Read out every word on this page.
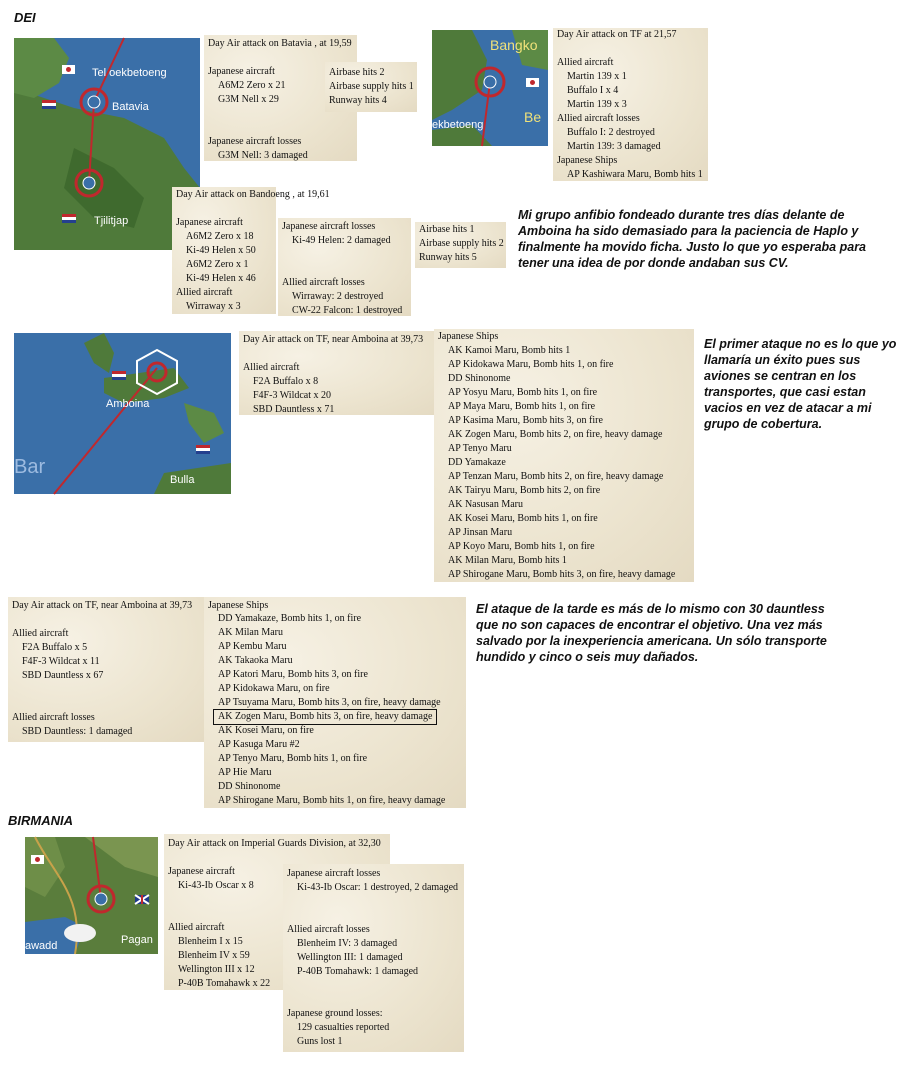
DEI
Tel oekbetoeng
Batavia
Tjilitjap
Day Air attack on Batavia , at 19,59
Japanese aircraft
A6M2 Zero x 21
G3M Nell x 29
Japanese aircraft losses
G3M Nell: 3 damaged
Airbase hits 2
Airbase supply hits 1
Runway hits 4
Bangko
ekbetoeng	Be
Day Air attack on TF at 21,57
Allied aircraft
Martin 139 x 1
Buffalo I x 4
Martin 139 x 3
Allied aircraft losses
Buffalo I: 2 destroyed
Martin 139: 3 damaged
Japanese Ships
AP Kashiwara Maru, Bomb hits 1
Day Air attack on Bandoeng , at 19,61
Japanese aircraft
A6M2 Zero x 18
Ki-49 Helen x 50
A6M2 Zero x 1
Ki-49 Helen x 46
Allied aircraft
Wirraway x 3
Japanese aircraft losses
Ki-49 Helen: 2 damaged
Allied aircraft losses
Wirraway: 2 destroyed
CW-22 Falcon: 1 destroyed
Airbase hits 1
Airbase supply hits 2
Runway hits 5
Mi grupo anfibio fondeado durante tres días delante de Amboina ha sido demasiado para la paciencia de Haplo y finalmente ha movido ficha. Justo lo que yo esperaba para tener una idea de por donde andaban sus CV.
Amboina
Bulla
Bar
Day Air attack on TF, near Amboina at 39,73
Allied aircraft
F2A Buffalo x 8
F4F-3 Wildcat x 20
SBD Dauntless x 71
Japanese Ships
AK Kamoi Maru, Bomb hits 1
AP Kidokawa Maru, Bomb hits 1, on fire
DD Shinonome
AP Yosyu Maru, Bomb hits 1, on fire
AP Maya Maru, Bomb hits 1, on fire
AP Kasima Maru, Bomb hits 3, on fire
AK Zogen Maru, Bomb hits 2, on fire, heavy damage
AP Tenyo Maru
DD Yamakaze
AP Tenzan Maru, Bomb hits 2, on fire, heavy damage
AK Tairyu Maru, Bomb hits 2, on fire
AK Nasusan Maru
AK Kosei Maru, Bomb hits 1, on fire
AP Jinsan Maru
AP Koyo Maru, Bomb hits 1, on fire
AK Milan Maru, Bomb hits 1
AP Shirogane Maru, Bomb hits 3, on fire, heavy damage
El primer ataque no es lo que yo llamaría un éxito pues sus aviones se centran en los transportes, que casi estan vacios en vez de atacar a mi grupo de cobertura.
Day Air attack on TF, near Amboina at 39,73
Allied aircraft
F2A Buffalo x 5
F4F-3 Wildcat x 11
SBD Dauntless x 67
Allied aircraft losses
SBD Dauntless: 1 damaged
Japanese Ships
DD Yamakaze, Bomb hits 1, on fire
AK Milan Maru
AP Kembu Maru
AK Takaoka Maru
AP Katori Maru, Bomb hits 3, on fire
AP Kidokawa Maru, on fire
AP Tsuyama Maru, Bomb hits 3, on fire, heavy damage
AK Zogen Maru, Bomb hits 3, on fire, heavy damage
AK Kosei Maru, on fire
AP Kasuga Maru #2
AP Tenyo Maru, Bomb hits 1, on fire
AP Hie Maru
DD Shinonome
AP Shirogane Maru, Bomb hits 1, on fire, heavy damage
El ataque de la tarde es más de lo mismo con 30 dauntless que no son capaces de encontrar el objetivo. Una vez más salvado por la inexperiencia americana. Un sólo transporte hundido y cinco o seis muy dañados.
BIRMANIA
Pagan
awadd
Day Air attack on Imperial Guards Division, at 32,30
Japanese aircraft
Ki-43-Ib Oscar x 8
Allied aircraft
Blenheim I x 15
Blenheim IV x 59
Wellington III x 12
P-40B Tomahawk x 22
Japanese aircraft losses
Ki-43-Ib Oscar: 1 destroyed, 2 damaged
Allied aircraft losses
Blenheim IV: 3 damaged
Wellington III: 1 damaged
P-40B Tomahawk: 1 damaged
Japanese ground losses:
129 casualties reported
Guns lost 1
